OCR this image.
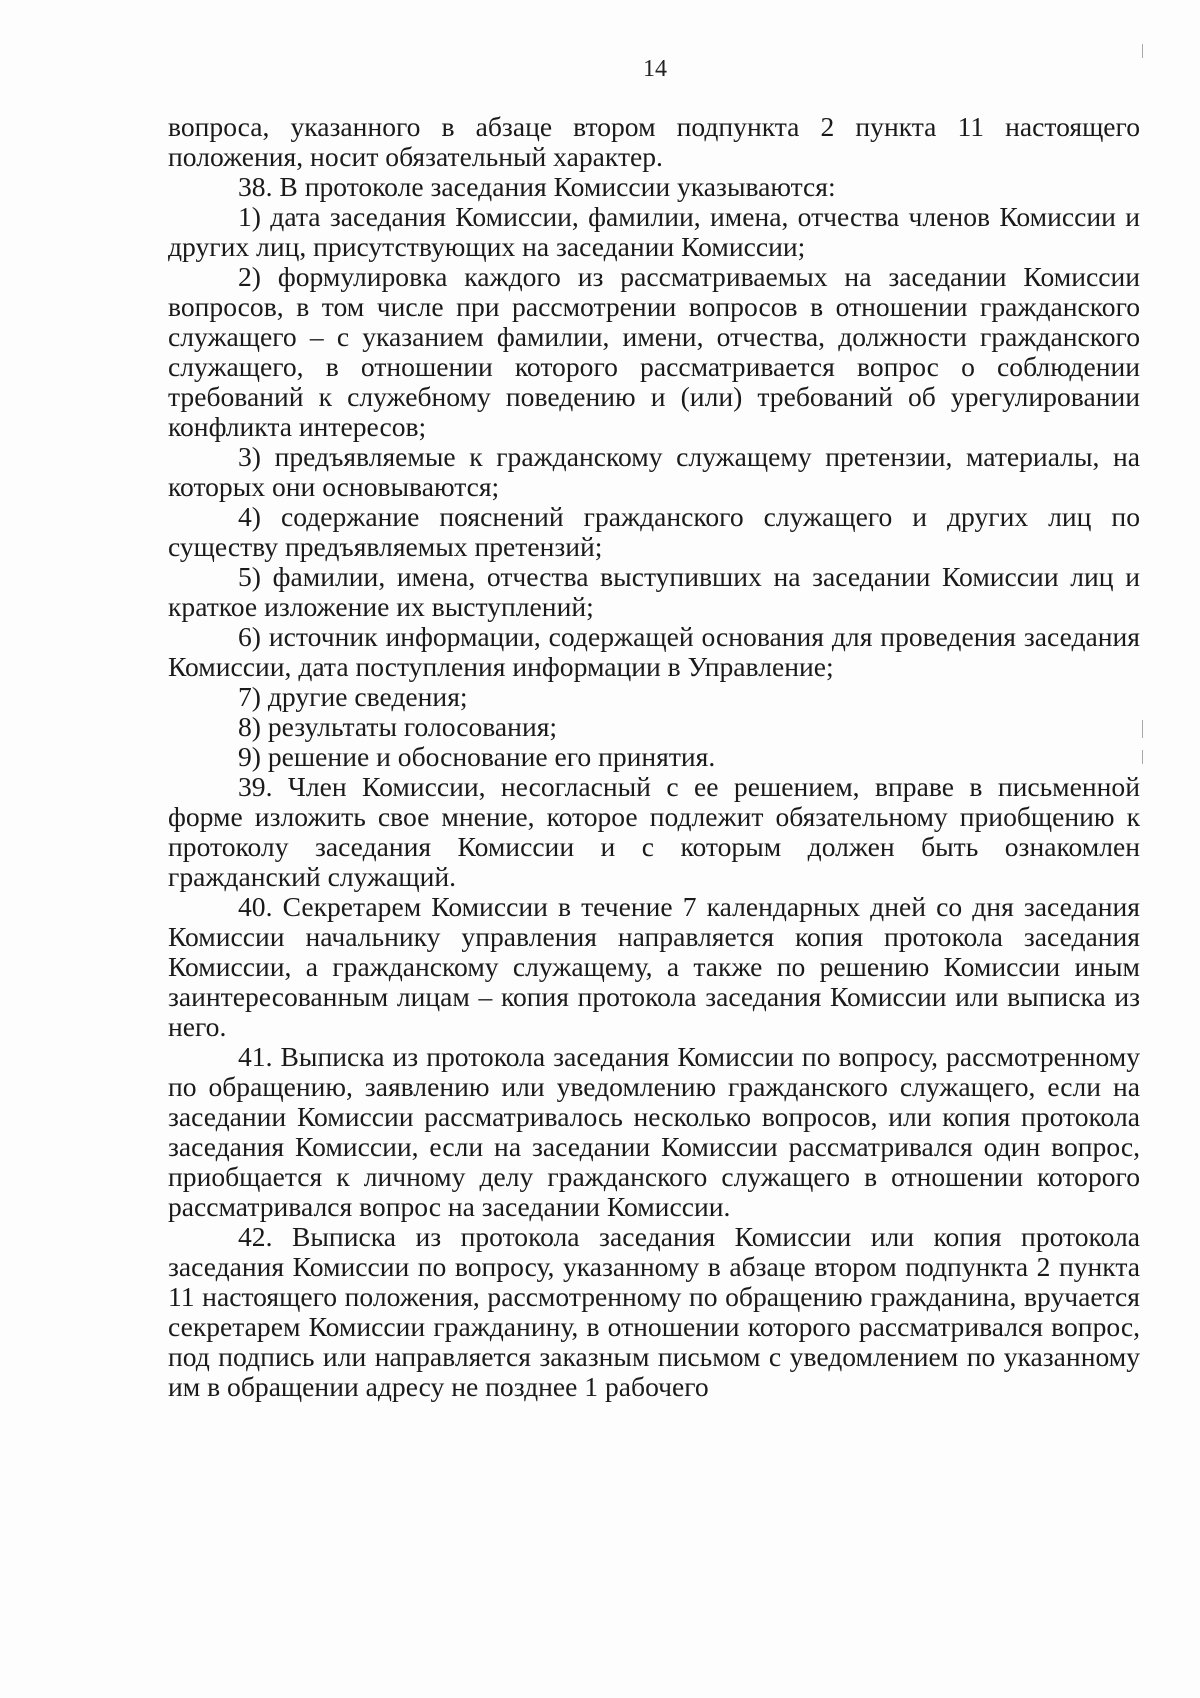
14

вопроса, указанного в абзаце втором подпункта 2 пункта 11 настоящего положения, носит обязательный характер.

38. В протоколе заседания Комиссии указываются:

1) дата заседания Комиссии, фамилии, имена, отчества членов Комиссии и других лиц, присутствующих на заседании Комиссии;

2) формулировка каждого из рассматриваемых на заседании Комиссии вопросов, в том числе при рассмотрении вопросов в отношении гражданского служащего – с указанием фамилии, имени, отчества, должности гражданского служащего, в отношении которого рассматривается вопрос о соблюдении требований к служебному поведению и (или) требований об урегулировании конфликта интересов;

3) предъявляемые к гражданскому служащему претензии, материалы, на которых они основываются;

4) содержание пояснений гражданского служащего и других лиц по существу предъявляемых претензий;

5) фамилии, имена, отчества выступивших на заседании Комиссии лиц и краткое изложение их выступлений;

6) источник информации, содержащей основания для проведения заседания Комиссии, дата поступления информации в Управление;

7) другие сведения;

8) результаты голосования;

9) решение и обоснование его принятия.

39. Член Комиссии, несогласный с ее решением, вправе в письменной форме изложить свое мнение, которое подлежит обязательному приобщению к протоколу заседания Комиссии и с которым должен быть ознакомлен гражданский служащий.

40. Секретарем Комиссии в течение 7 календарных дней со дня заседания Комиссии начальнику управления направляется копия протокола заседания Комиссии, а гражданскому служащему, а также по решению Комиссии иным заинтересованным лицам – копия протокола заседания Комиссии или выписка из него.

41. Выписка из протокола заседания Комиссии по вопросу, рассмотренному по обращению, заявлению или уведомлению гражданского служащего, если на заседании Комиссии рассматривалось несколько вопросов, или копия протокола заседания Комиссии, если на заседании Комиссии рассматривался один вопрос, приобщается к личному делу гражданского служащего в отношении которого рассматривался вопрос на заседании Комиссии.

42. Выписка из протокола заседания Комиссии или копия протокола заседания Комиссии по вопросу, указанному в абзаце втором подпункта 2 пункта 11 настоящего положения, рассмотренному по обращению гражданина, вручается секретарем Комиссии гражданину, в отношении которого рассматривался вопрос, под подпись или направляется заказным письмом с уведомлением по указанному им в обращении адресу не позднее 1 рабочего
